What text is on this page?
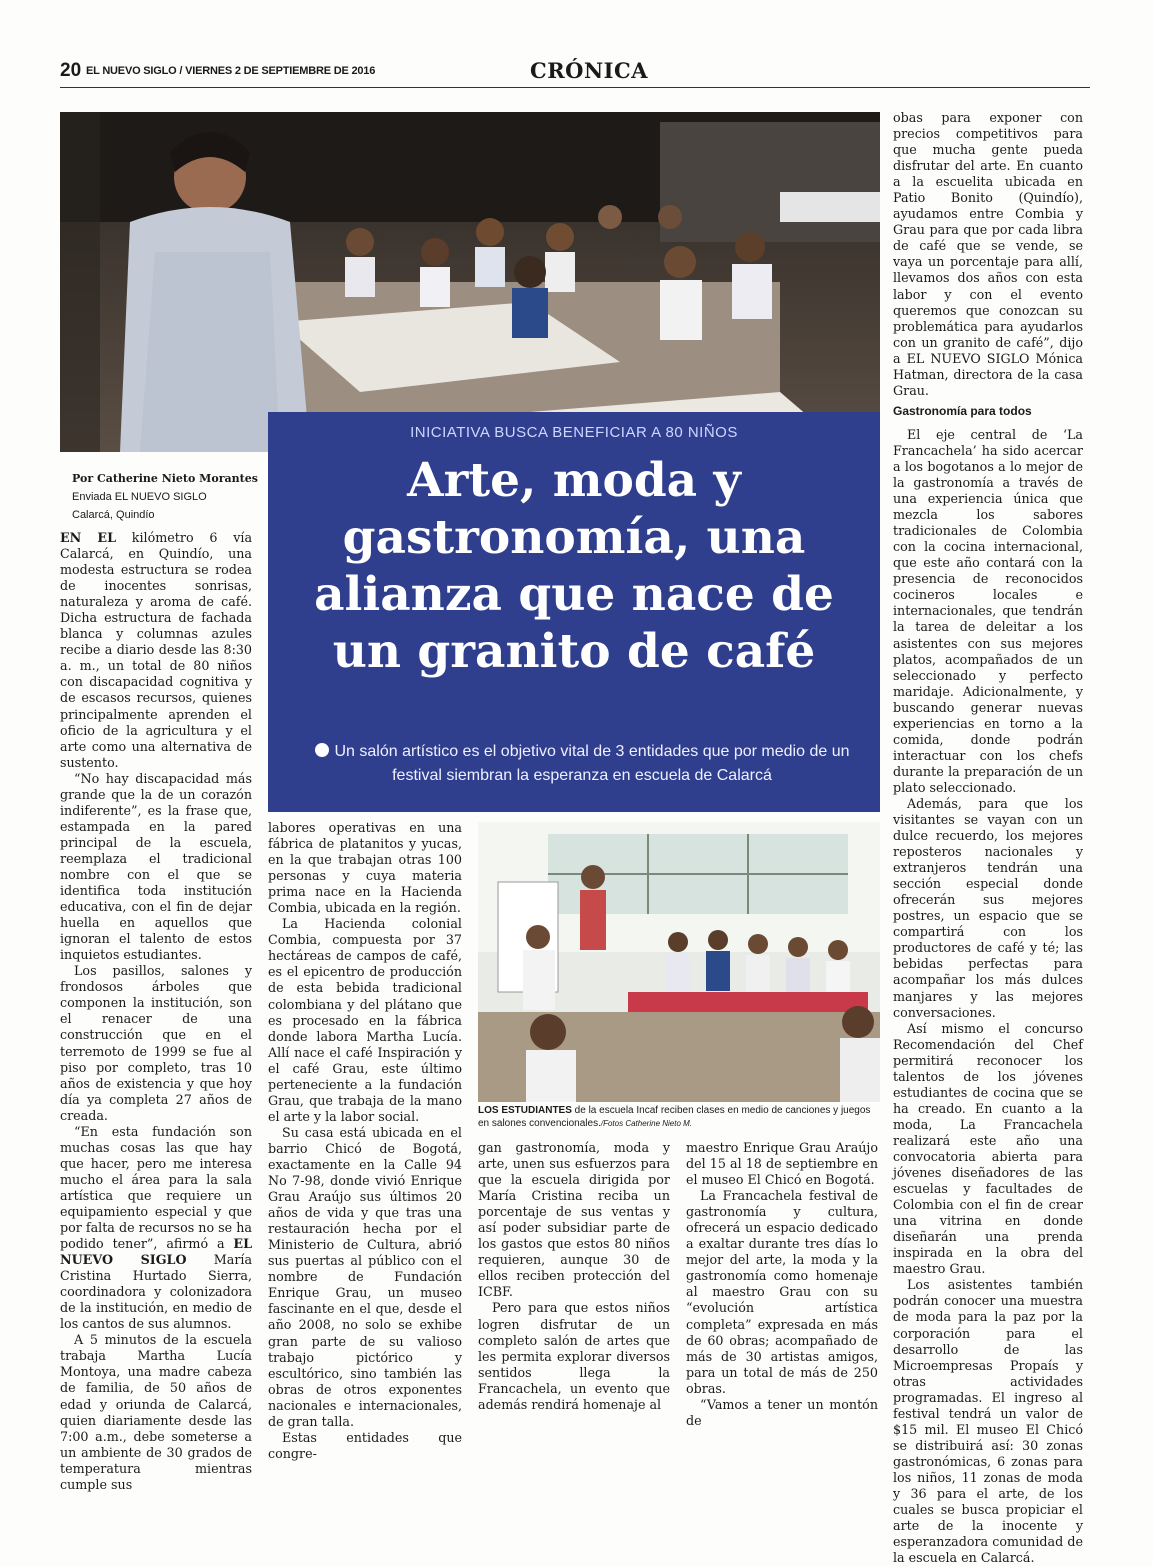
20 EL NUEVO SIGLO / VIERNES 2 DE SEPTIEMBRE DE 2016	CRÓNICA
INICIATIVA BUSCA BENEFICIAR A 80 NIÑOS
Arte, moda y
gastronomía, una
alianza que nace de
un granito de café
Un salón artístico es el objetivo vital de 3 entidades que por medio de un festival siembran la esperanza en escuela de Calarcá
Por Catherine Nieto Morantes
Enviada EL NUEVO SIGLO
Calarcá, Quindío

EN EL kilómetro 6 vía Calarcá, en Quindío, una modesta estructura se rodea de inocentes sonrisas, naturaleza y aroma de café. Dicha estructura de fachada blanca y columnas azules recibe a diario desde las 8:30 a. m., un total de 80 niños con discapacidad cognitiva y de escasos recursos, quienes principalmente aprenden el oficio de la agricultura y el arte como una alternativa de sustento.

“No hay discapacidad más grande que la de un corazón indiferente”, es la frase que, estampada en la pared principal de la escuela, reemplaza el tradicional nombre con el que se identifica toda institución educativa, con el fin de dejar huella en aquellos que ignoran el talento de estos inquietos estudiantes.

Los pasillos, salones y frondosos árboles que componen la institución, son el renacer de una construcción que en el terremoto de 1999 se fue al piso por completo, tras 10 años de existencia y que hoy día ya completa 27 años de creada.

“En esta fundación son muchas cosas las que hay que hacer, pero me interesa mucho el área para la sala artística que requiere un equipamiento especial y que por falta de recursos no se ha podido tener”, afirmó a EL NUEVO SIGLO María Cristina Hurtado Sierra, coordinadora y colonizadora de la institución, en medio de los cantos de sus alumnos.

A 5 minutos de la escuela trabaja Martha Lucía Montoya, una madre cabeza de familia, de 50 años de edad y oriunda de Calarcá, quien diariamente desde las 7:00 a.m., debe someterse a un ambiente de 30 grados de temperatura mientras cumple sus

labores operativas en una fábrica de platanitos y yucas, en la que trabajan otras 100 personas y cuya materia prima nace en la Hacienda Combia, ubicada en la región.

La Hacienda colonial Combia, compuesta por 37 hectáreas de campos de café, es el epicentro de producción de esta bebida tradicional colombiana y del plátano que es procesado en la fábrica donde labora Martha Lucía. Allí nace el café Inspiración y el café Grau, este último perteneciente a la fundación Grau, que trabaja de la mano el arte y la labor social.

Su casa está ubicada en el barrio Chicó de Bogotá, exactamente en la Calle 94 No 7-98, donde vivió Enrique Grau Araújo sus últimos 20 años de vida y que tras una restauración hecha por el Ministerio de Cultura, abrió sus puertas al público con el nombre de Fundación Enrique Grau, un museo fascinante en el que, desde el año 2008, no solo se exhibe gran parte de su valioso trabajo pictórico y escultórico, sino también las obras de otros exponentes nacionales e internacionales, de gran talla.

Estas entidades que congre-

LOS ESTUDIANTES de la escuela Incaf reciben clases en medio de canciones y juegos en salones convencionales./Fotos Catherine Nieto M.

gan gastronomía, moda y arte, unen sus esfuerzos para que la escuela dirigida por María Cristina reciba un porcentaje de sus ventas y así poder subsidiar parte de los gastos que estos 80 niños requieren, aunque 30 de ellos reciben protección del ICBF.

Pero para que estos niños logren disfrutar de un completo salón de artes que les permita explorar diversos sentidos llega la Francachela, un evento que además rendirá homenaje al

maestro Enrique Grau Araújo del 15 al 18 de septiembre en el museo El Chicó en Bogotá.

La Francachela festival de gastronomía y cultura, ofrecerá un espacio dedicado a exaltar durante tres días lo mejor del arte, la moda y la gastronomía como homenaje al maestro Grau con su “evolución artística completa” expresada en más de 60 obras; acompañado de más de 30 artistas amigos, para un total de más de 250 obras.

“Vamos a tener un montón de

obas para exponer con precios competitivos para que mucha gente pueda disfrutar del arte. En cuanto a la escuelita ubicada en Patio Bonito (Quindío), ayudamos entre Combia y Grau para que por cada libra de café que se vende, se vaya un porcentaje para allí, llevamos dos años con esta labor y con el evento queremos que conozcan su problemática para ayudarlos con un granito de café”, dijo a EL NUEVO SIGLO Mónica Hatman, directora de la casa Grau.

Gastronomía para todos

El eje central de ‘La Francachela’ ha sido acercar a los bogotanos a lo mejor de la gastronomía a través de una experiencia única que mezcla los sabores tradicionales de Colombia con la cocina internacional, que este año contará con la presencia de reconocidos cocineros locales e internacionales, que tendrán la tarea de deleitar a los asistentes con sus mejores platos, acompañados de un seleccionado y perfecto maridaje. Adicionalmente, y buscando generar nuevas experiencias en torno a la comida, donde podrán interactuar con los chefs durante la preparación de un plato seleccionado.

Además, para que los visitantes se vayan con un dulce recuerdo, los mejores reposteros nacionales y extranjeros tendrán una sección especial donde ofrecerán sus mejores postres, un espacio que se compartirá con los productores de café y té; las bebidas perfectas para acompañar los más dulces manjares y las mejores conversaciones.

Así mismo el concurso Recomendación del Chef permitirá reconocer los talentos de los jóvenes estudiantes de cocina que se ha creado. En cuanto a la moda, La Francachela realizará este año una convocatoria abierta para jóvenes diseñadores de las escuelas y facultades de Colombia con el fin de crear una vitrina en donde diseñarán una prenda inspirada en la obra del maestro Grau.

Los asistentes también podrán conocer una muestra de moda para la paz por la corporación para el desarrollo de las Microempresas Propaís y otras actividades programadas. El ingreso al festival tendrá un valor de $15 mil. El museo El Chicó se distribuirá así: 30 zonas gastronómicas, 6 zonas para los niños, 11 zonas de moda y 36 para el arte, de los cuales se busca propiciar el arte de la inocente y esperanzadora comunidad de la escuela en Calarcá.
